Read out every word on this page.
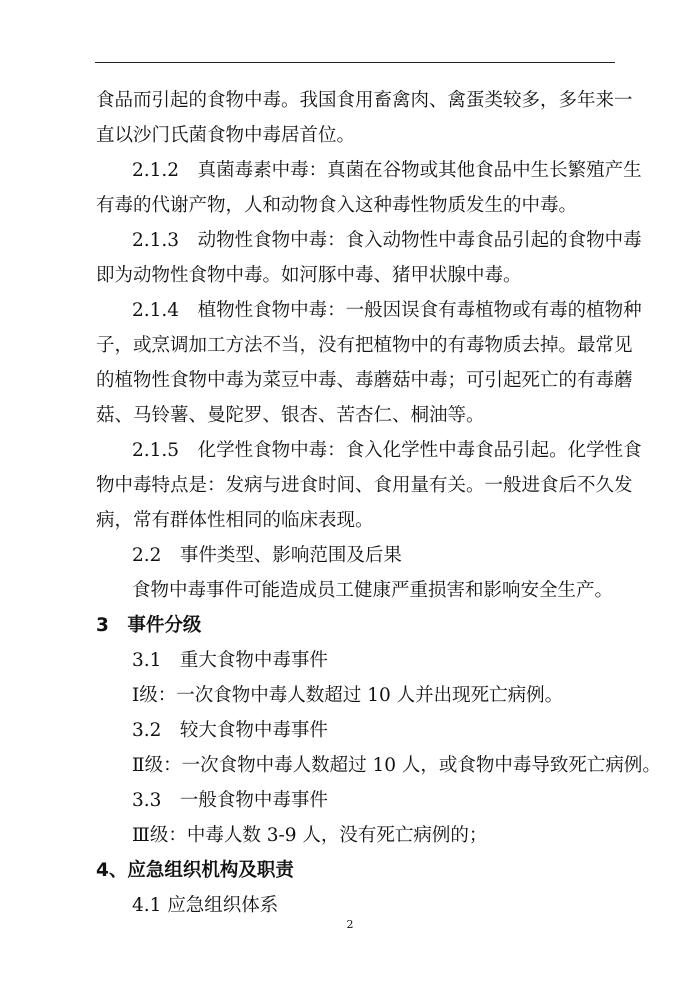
食品而引起的食物中毒。我国食用畜禽肉、禽蛋类较多，多年来一
直以沙门氏菌食物中毒居首位。
2.1.2　真菌毒素中毒：真菌在谷物或其他食品中生长繁殖产生
有毒的代谢产物，人和动物食入这种毒性物质发生的中毒。
2.1.3　动物性食物中毒：食入动物性中毒食品引起的食物中毒
即为动物性食物中毒。如河豚中毒、猪甲状腺中毒。
2.1.4　植物性食物中毒：一般因误食有毒植物或有毒的植物种
子，或烹调加工方法不当，没有把植物中的有毒物质去掉。最常见
的植物性食物中毒为菜豆中毒、毒蘑菇中毒；可引起死亡的有毒蘑
菇、马铃薯、曼陀罗、银杏、苦杏仁、桐油等。
2.1.5　化学性食物中毒：食入化学性中毒食品引起。化学性食
物中毒特点是：发病与进食时间、食用量有关。一般进食后不久发
病，常有群体性相同的临床表现。
2.2　事件类型、影响范围及后果
食物中毒事件可能造成员工健康严重损害和影响安全生产。
3　事件分级
3.1　重大食物中毒事件
Ⅰ级：一次食物中毒人数超过 10 人并出现死亡病例。
3.2　较大食物中毒事件
Ⅱ级：一次食物中毒人数超过 10 人，或食物中毒导致死亡病例。
3.3　一般食物中毒事件
Ⅲ级：中毒人数 3-9 人，没有死亡病例的；
4、应急组织机构及职责
4.1 应急组织体系
2
